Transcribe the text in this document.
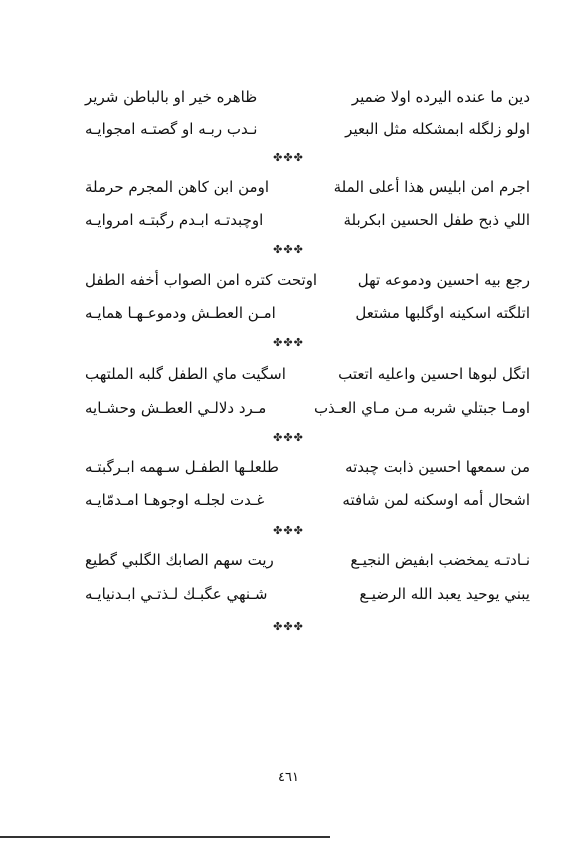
دين ما عنده اليرده اولا ضمير
ظاهره خير او بالباطن شرير
اولو زلگله ابمشكله مثل البعير
نـدب ربـه او گصتـه امجوايـه
✤✤✤
اجرم امن ابليس هذا أعلى الملة
اومن ابن كاهن المجرم حرملة
اللي ذبح طفل الحسين ابكربلة
اوچبدتـه ابـدم رگبتـه امروايـه
✤✤✤
رجع بيه احسين ودموعه تهل
اوتحت كتره امن الصواب أخفه الطفل
اتلگته اسكينه اوگلبها مشتعل
امـن العطـش ودموعـهـا همايـه
✤✤✤
اتگل لبوها احسين واعليه اتعتب
اسگيت ماي الطفل گلبه الملتهب
اومـا جبتلي شربه مـن مـاي العـذب
مـرد دلالـي العطـش وحشـايه
✤✤✤
من سمعها احسين ذابت چبدته
طلعلـها الطفـل سـهمه ابـرگبتـه
اشحال أمه اوسكنه لمن شافته
غـدت لجلـه اوجوهـا امـدمّايـه
✤✤✤
نـادتـه يمخضب ابفيض النجيـع
ريت سهم الصابك الگلبي گطيع
يبني يوحيد يعبد الله الرضيـع
شـنهي عگبـك لـذتـي ابـدنيايـه
✤✤✤
٤٦١
